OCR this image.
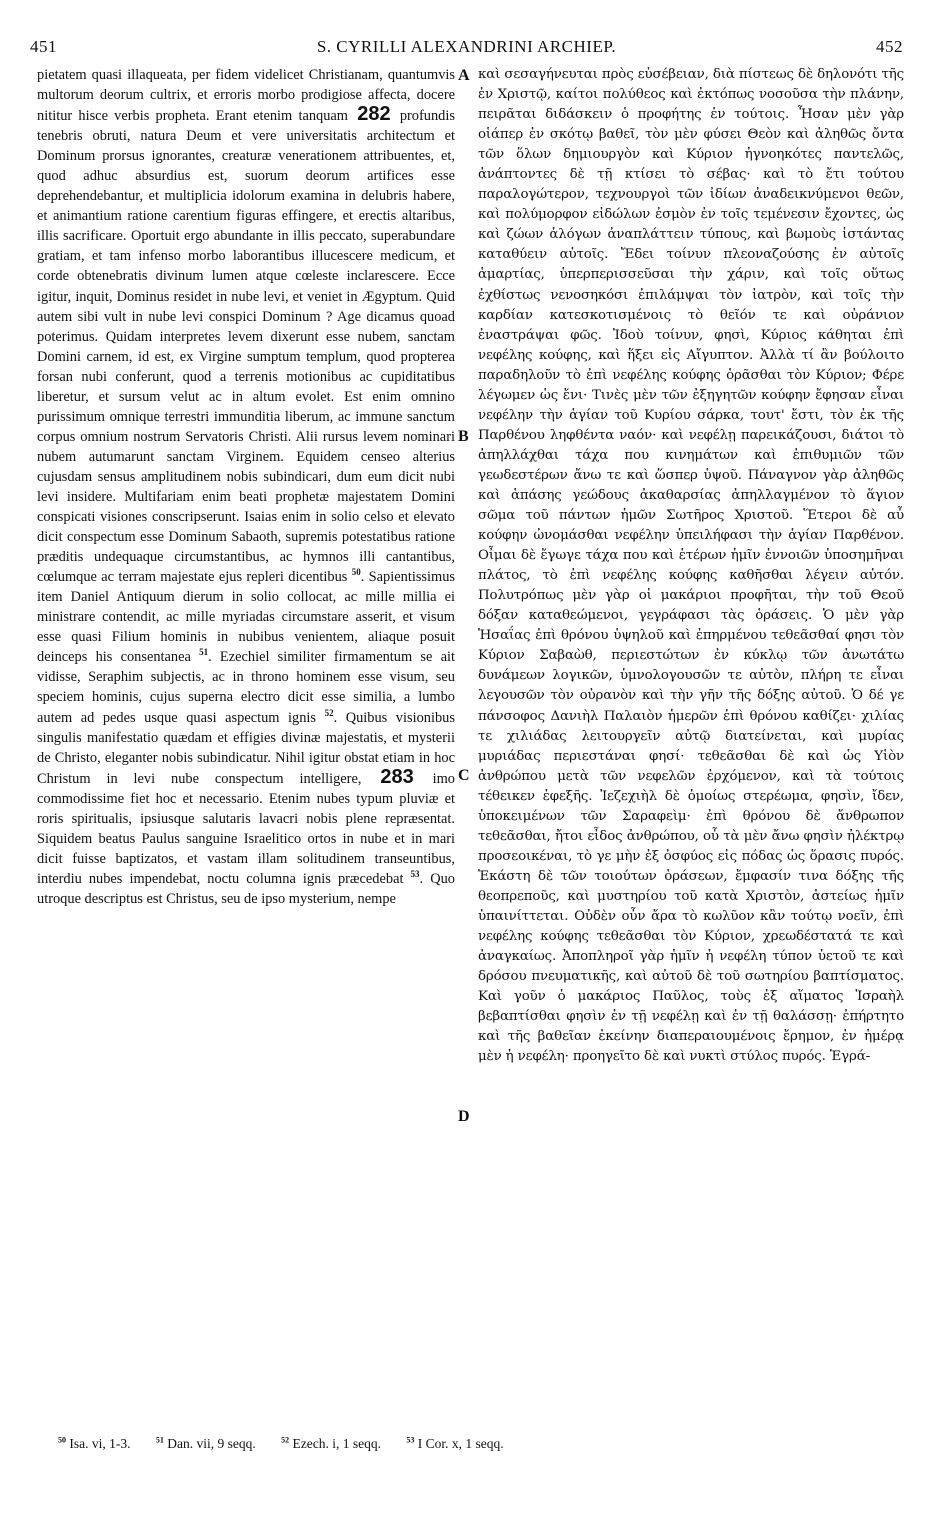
451	S. CYRILLI ALEXANDRINI ARCHIEP.	452

pietatem quasi illaqueata, per fidem videlicet Christianam, quantumvis multorum deorum cultrix, et erroris morbo prodigiose affecta, docere nititur hisce verbis propheta. Erant etenim tanquam 282 profundis tenebris obruti, natura Deum et vere universitatis architectum et Dominum prorsus ignorantes, creaturæ venerationem attribuentes, et, quod adhuc absurdius est, suorum deorum artifices esse deprehendebantur, et multiplicia idolorum examina in delubris habere, et animantium ratione carentium figuras effingere, et erectis altaribus, illis sacrificare. Oportuit ergo abundante in illis peccato, superabundare gratiam, et tam infenso morbo laborantibus illucescere medicum, et corde obtenebratis divinum lumen atque cœleste inclarescere. Ecce igitur, inquit, Dominus residet in nube levi, et veniet in Ægyptum. Quid autem sibi vult in nube levi conspici Dominum ? Age dicamus quoad poterimus. Quidam interpretes levem dixerunt esse nubem, sanctam Domini carnem, id est, ex Virgine sumptum templum, quod propterea forsan nubi conferunt, quod a terrenis motionibus ac cupiditatibus liberetur, et sursum velut ac in altum evolet. Est enim omnino purissimum omnique terrestri immunditia liberum, ac immune sanctum corpus omnium nostrum Servatoris Christi. Alii rursus levem nominari nubem autumarunt sanctam Virginem. Equidem censeo alterius cujusdam sensus amplitudinem nobis subindicari, dum eum dicit nubi levi insidere. Multifariam enim beati prophetæ majestatem Domini conspicati visiones conscripserunt. Isaias enim in solio celso et elevato dicit conspectum esse Dominum Sabaoth, supremis potestatibus ratione præditis undequaque circumstantibus, ac hymnos illi cantantibus, cœlumque ac terram majestate ejus repleri dicentibus $^{50}$. Sapientissimus item Daniel Antiquum dierum in solio collocat, ac mille millia ei ministrare contendit, ac mille myriadas circumstare asserit, et visum esse quasi Filium hominis in nubibus venientem, aliaque posuit deinceps his consentanea $^{51}$. Ezechiel similiter firmamentum se ait vidisse, Seraphim subjectis, ac in throno hominem esse visum, seu speciem hominis, cujus superna electro dicit esse similia, a lumbo autem ad pedes usque quasi aspectum ignis $^{52}$. Quibus visionibus singulis manifestatio quædam et effigies divinæ majestatis, et mysterii de Christo, eleganter nobis subindicatur. Nihil igitur obstat etiam in hoc Christum in levi nube conspectum intelligere, 283 imo commodissime fiet hoc et necessario. Etenim nubes typum pluviæ et roris spiritualis, ipsiusque salutaris lavacri nobis plene repræsentat. Siquidem beatus Paulus sanguine Israelitico ortos in nube et in mari dicit fuisse baptizatos, et vastam illam solitudinem transeuntibus, interdiu nubes impendebat, noctu columna ignis præcedebat $^{53}$. Quo utroque descriptus est Christus, seu de ipso mysterium, nempe

A
B
C
D

καὶ σεσαγήνευται πρὸς εὐσέβειαν, διὰ πίστεως δὲ δηλονότι τῆς ἐν Χριστῷ, καίτοι πολύθεος καὶ ἐκτόπως νοσοῦσα τὴν πλάνην, πειρᾶται διδάσκειν ὁ προφήτης ἐν τούτοις. Ἦσαν μὲν γὰρ οἱάπερ ἐν σκότῳ βαθεῖ, τὸν μὲν φύσει Θεὸν καὶ ἀληθῶς ὄντα τῶν ὅλων δημιουργὸν καὶ Κύριον ἠγνοηκότες παντελῶς, ἀνάπτοντες δὲ τῇ κτίσει τὸ σέβας· καὶ τὸ ἔτι τούτου παραλογώτερον, τεχνουργοὶ τῶν ἰδίων ἀναδεικνύμενοι θεῶν, καὶ πολύμορφον εἰδώλων ἐσμὸν ἐν τοῖς τεμένεσιν ἔχοντες, ὡς καὶ ζώων ἀλόγων ἀναπλάττειν τύπους, καὶ βωμοὺς ἱστάντας καταθύειν αὐτοῖς. Ἔδει τοίνυν πλεοναζούσης ἐν αὐτοῖς ἁμαρτίας, ὑπερπερισσεῦσαι τὴν χάριν, καὶ τοῖς οὕτως ἐχθίστως νενοσηκόσι ἐπιλάμψαι τὸν ἰατρὸν, καὶ τοῖς τὴν καρδίαν κατεσκοτισμένοις τὸ θεῖόν τε καὶ οὐράνιον ἐναστράψαι φῶς. Ἰδοὺ τοίνυν, φησὶ, Κύριος κάθηται ἐπὶ νεφέλης κούφης, καὶ ἥξει εἰς Αἴγυπτον. Ἀλλὰ τί ἂν βούλοιτο παραδηλοῦν τὸ ἐπὶ νεφέλης κούφης ὁρᾶσθαι τὸν Κύριον; Φέρε λέγωμεν ὡς ἔνι· Τινὲς μὲν τῶν ἐξηγητῶν κούφην ἔφησαν εἶναι νεφέλην τὴν ἁγίαν τοῦ Κυρίου σάρκα, τουτ' ἔστι, τὸν ἐκ τῆς Παρθένου ληφθέντα ναόν· καὶ νεφέλῃ παρεικάζουσι, διάτοι τὸ ἀπηλλάχθαι τάχα που κινημάτων καὶ ἐπιθυμιῶν τῶν γεωδεστέρων ἄνω τε καὶ ὥσπερ ὑψοῦ. Πάναγνον γὰρ ἀληθῶς καὶ ἁπάσης γεώδους ἀκαθαρσίας ἀπηλλαγμένον τὸ ἅγιον σῶμα τοῦ πάντων ἡμῶν Σωτῆρος Χριστοῦ. Ἕτεροι δὲ αὖ κούφην ὠνομάσθαι νεφέλην ὑπειλήφασι τὴν ἁγίαν Παρθένον. Οἶμαι δὲ ἔγωγε τάχα που καὶ ἑτέρων ἡμῖν ἐννοιῶν ὑποσημῆναι πλάτος, τὸ ἐπὶ νεφέλης κούφης καθῆσθαι λέγειν αὐτόν. Πολυτρόπως μὲν γὰρ οἱ μακάριοι προφῆται, τὴν τοῦ Θεοῦ δόξαν καταθεώμενοι, γεγράφασι τὰς ὁράσεις. Ὁ μὲν γὰρ Ἡσαΐας ἐπὶ θρόνου ὑψηλοῦ καὶ ἐπηρμένου τεθεᾶσθαί φησι τὸν Κύριον Σαβαὼθ, περιεστώτων ἐν κύκλῳ τῶν ἀνωτάτω δυνάμεων λογικῶν, ὑμνολογουσῶν τε αὐτὸν, πλήρη τε εἶναι λεγουσῶν τὸν οὐρανὸν καὶ τὴν γῆν τῆς δόξης αὐτοῦ. Ὁ δέ γε πάνσοφος Δανιὴλ Παλαιὸν ἡμερῶν ἐπὶ θρόνου καθίζει· χιλίας τε χιλιάδας λειτουργεῖν αὐτῷ διατείνεται, καὶ μυρίας μυριάδας περιεστάναι φησί· τεθεᾶσθαι δὲ καὶ ὡς Υἱὸν ἀνθρώπου μετὰ τῶν νεφελῶν ἐρχόμενον, καὶ τὰ τούτοις τέθεικεν ἐφεξῆς. Ἰεζεχιὴλ δὲ ὁμοίως στερέωμα, φησὶν, ἴδεν, ὑποκειμένων τῶν Σαραφεὶμ· ἐπὶ θρόνου δὲ ἄνθρωπον τεθεᾶσθαι, ἤτοι εἶδος ἀνθρώπου, οὗ τὰ μὲν ἄνω φησὶν ἠλέκτρῳ προσεοικέναι, τὸ γε μὴν ἐξ ὀσφύος εἰς πόδας ὡς ὅρασις πυρός. Ἑκάστη δὲ τῶν τοιούτων ὁράσεων, ἔμφασίν τινα δόξης τῆς θεοπρεποῦς, καὶ μυστηρίου τοῦ κατὰ Χριστὸν, ἀστείως ἡμῖν ὑπαινίττεται. Οὐδὲν οὖν ἄρα τὸ κωλῦον κἂν τούτῳ νοεῖν, ἐπὶ νεφέλης κούφης τεθεᾶσθαι τὸν Κύριον, χρεωδέστατά τε καὶ ἀναγκαίως. Ἀποπληροῖ γὰρ ἡμῖν ἡ νεφέλη τύπον ὑετοῦ τε καὶ δρόσου πνευματικῆς, καὶ αὐτοῦ δὲ τοῦ σωτηρίου βαπτίσματος. Καὶ γοῦν ὁ μακάριος Παῦλος, τοὺς ἐξ αἵματος Ἰσραὴλ βεβαπτίσθαι φησὶν ἐν τῇ νεφέλῃ καὶ ἐν τῇ θαλάσσῃ· ἐπήρτητο καὶ τῆς βαθεῖαν ἐκείνην διαπεραιουμένοις ἔρημον, ἐν ἡμέρᾳ μὲν ἡ νεφέλη· προηγεῖτο δὲ καὶ νυκτὶ στύλος πυρός. Ἐγρά-

$^{50}$ Isa. vi, 1-3.	$^{51}$ Dan. vii, 9 seqq.	$^{52}$ Ezech. i, 1 seqq.	$^{53}$ I Cor. x, 1 seqq.
